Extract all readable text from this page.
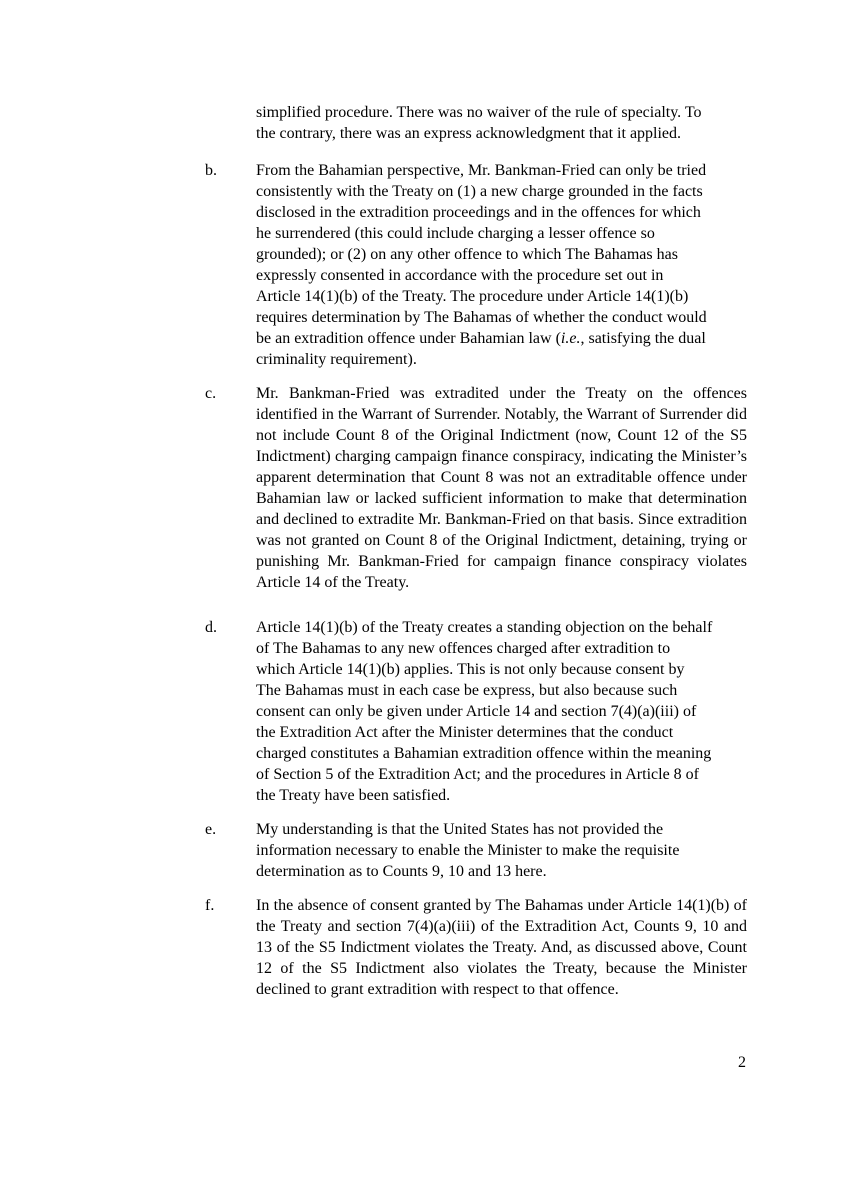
simplified procedure. There was no waiver of the rule of specialty. To
the contrary, there was an express acknowledgment that it applied.
b. From the Bahamian perspective, Mr. Bankman-Fried can only be tried
consistently with the Treaty on (1) a new charge grounded in the facts
disclosed in the extradition proceedings and in the offences for which
he surrendered (this could include charging a lesser offence so
grounded); or (2) on any other offence to which The Bahamas has
expressly consented in accordance with the procedure set out in
Article 14(1)(b) of the Treaty. The procedure under Article 14(1)(b)
requires determination by The Bahamas of whether the conduct would
be an extradition offence under Bahamian law (i.e., satisfying the dual
criminality requirement).
c. Mr. Bankman-Fried was extradited under the Treaty on the offences identified in the Warrant of Surrender. Notably, the Warrant of Surrender did not include Count 8 of the Original Indictment (now, Count 12 of the S5 Indictment) charging campaign finance conspiracy, indicating the Minister’s apparent determination that Count 8 was not an extraditable offence under Bahamian law or lacked sufficient information to make that determination and declined to extradite Mr. Bankman-Fried on that basis. Since extradition was not granted on Count 8 of the Original Indictment, detaining, trying or punishing Mr. Bankman-Fried for campaign finance conspiracy violates Article 14 of the Treaty.
d. Article 14(1)(b) of the Treaty creates a standing objection on the behalf
of The Bahamas to any new offences charged after extradition to
which Article 14(1)(b) applies. This is not only because consent by
The Bahamas must in each case be express, but also because such
consent can only be given under Article 14 and section 7(4)(a)(iii) of
the Extradition Act after the Minister determines that the conduct
charged constitutes a Bahamian extradition offence within the meaning
of Section 5 of the Extradition Act; and the procedures in Article 8 of
the Treaty have been satisfied.
e. My understanding is that the United States has not provided the
information necessary to enable the Minister to make the requisite
determination as to Counts 9, 10 and 13 here.
f.	In the absence of consent granted by The Bahamas under Article 14(1)(b) of the Treaty and section 7(4)(a)(iii) of the Extradition Act, Counts 9, 10 and 13 of the S5 Indictment violates the Treaty. And, as discussed above, Count 12 of the S5 Indictment also violates the Treaty, because the Minister declined to grant extradition with respect to that offence.
2
